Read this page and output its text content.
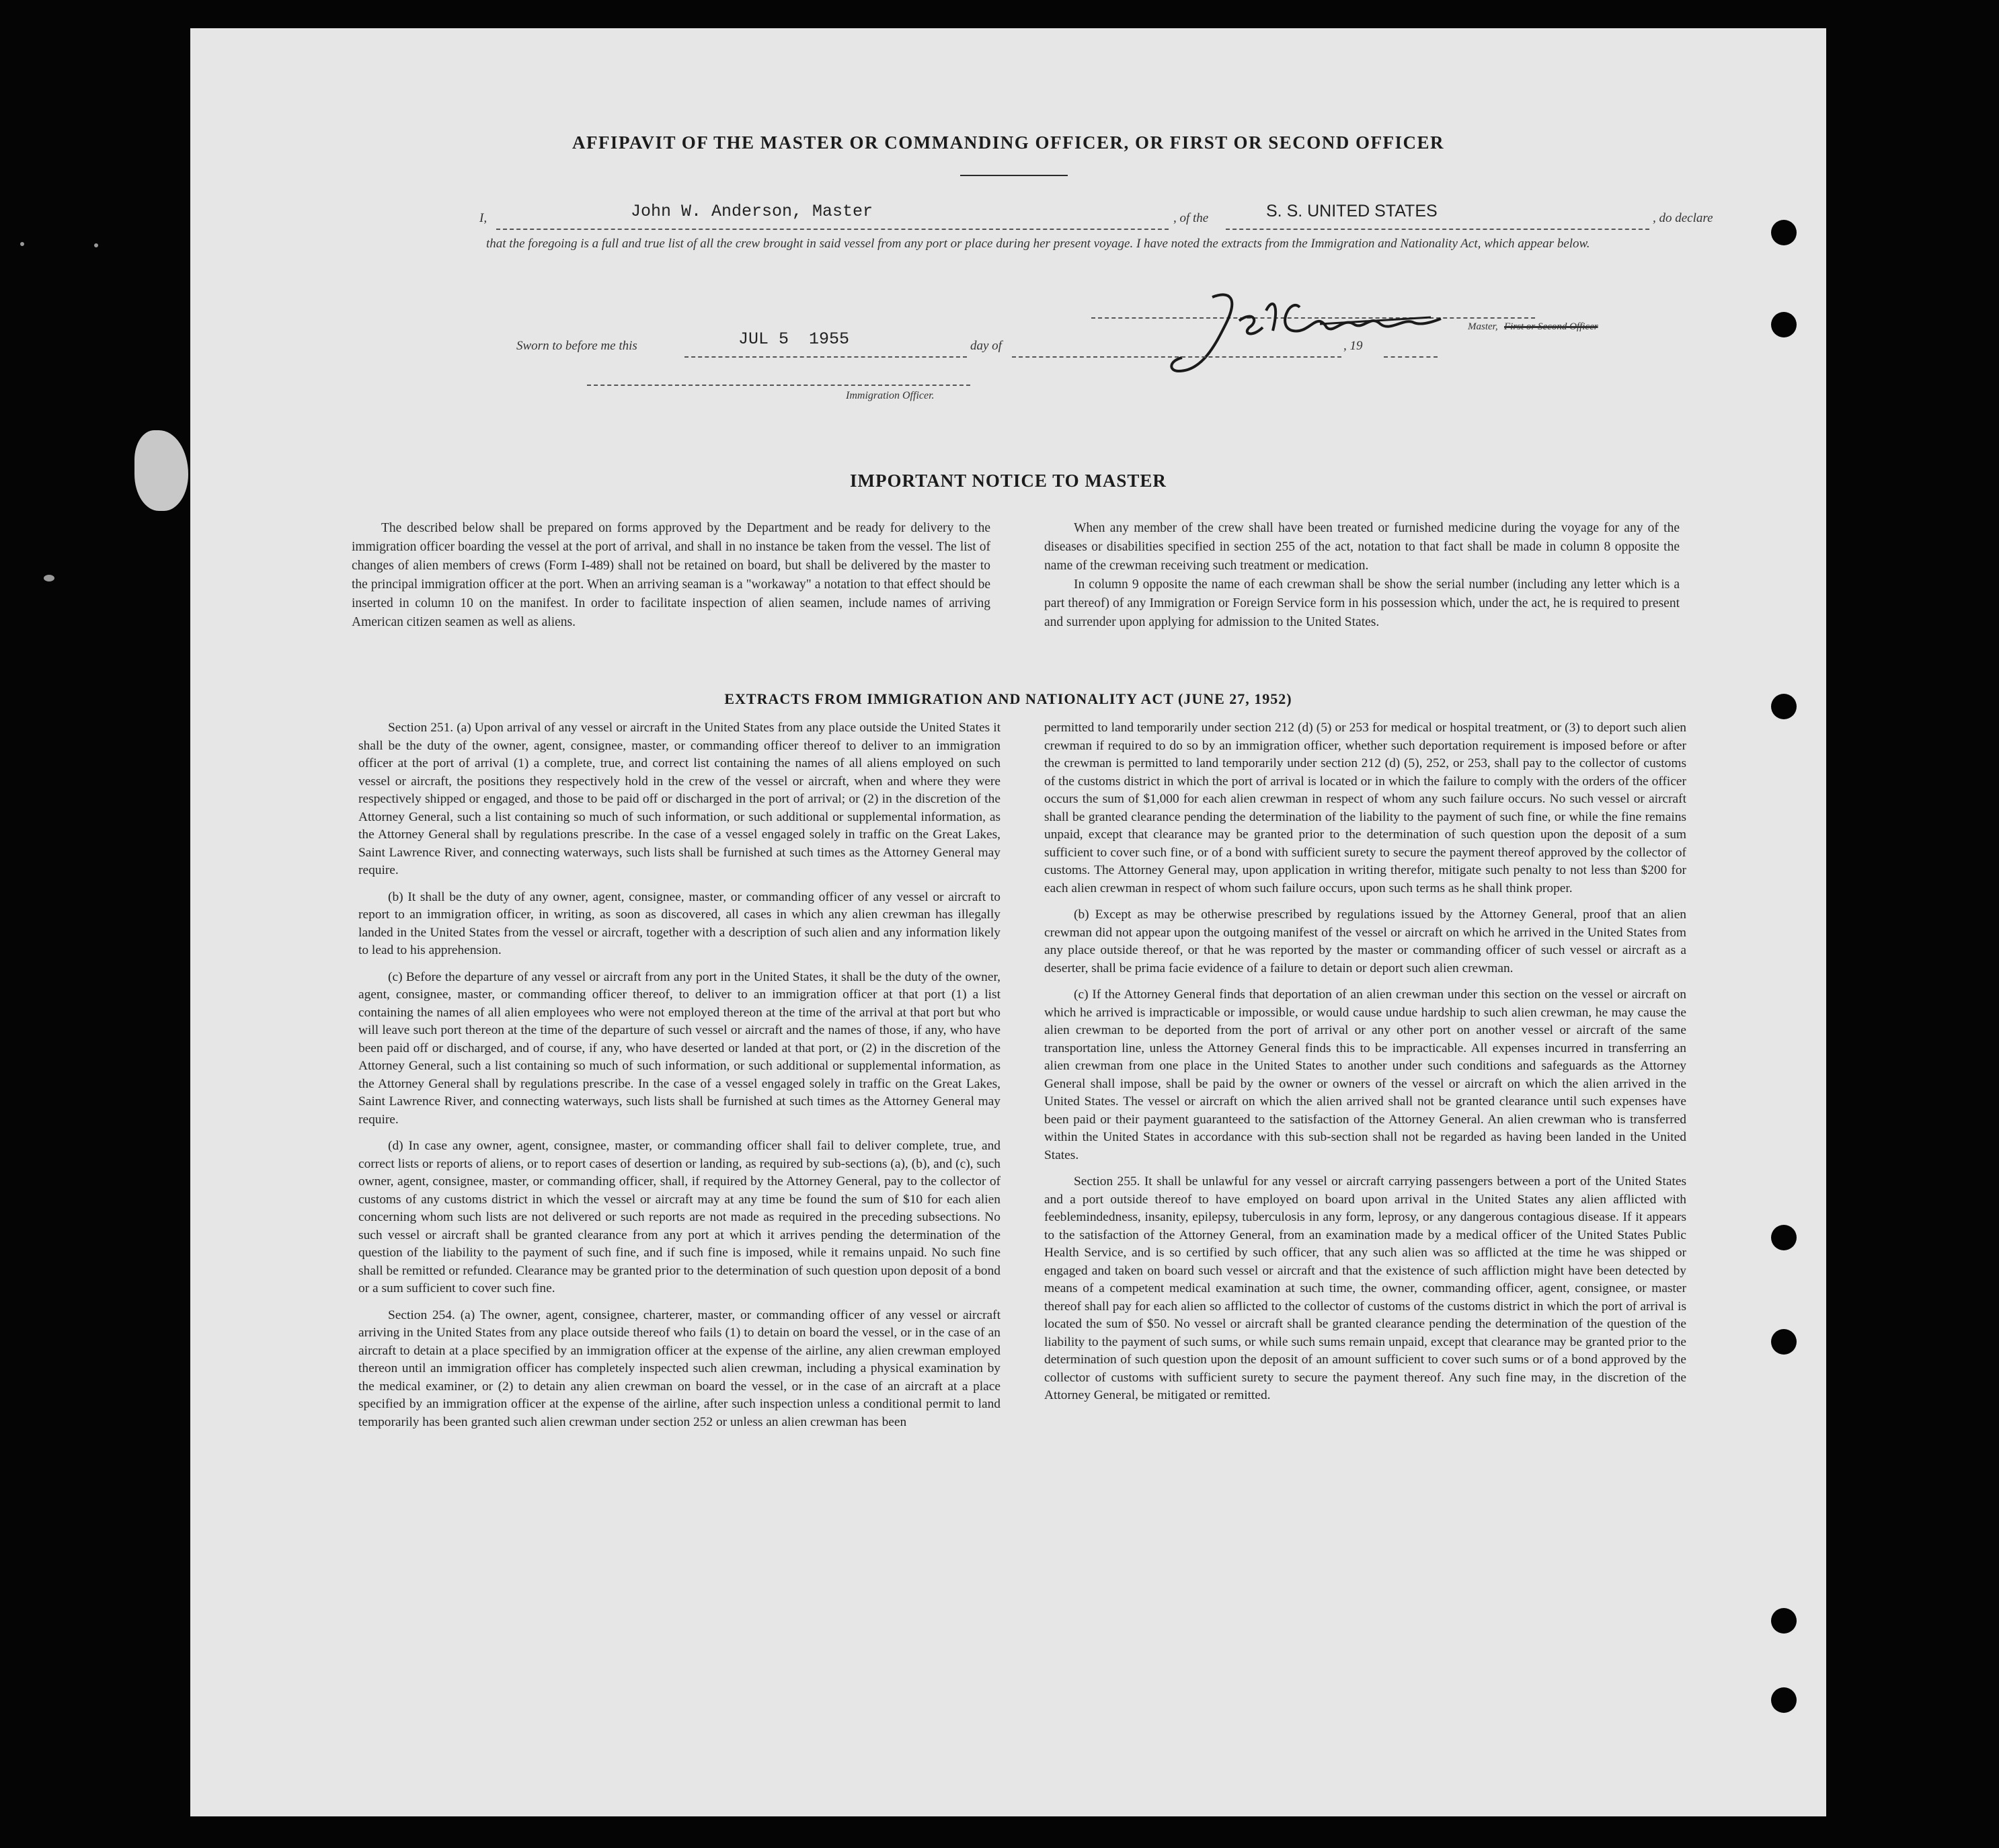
AFFIPAVIT OF THE MASTER OR COMMANDING OFFICER, OR FIRST OR SECOND OFFICER
I,	John W. Anderson, Master	, of the	S. S. UNITED STATES	, do declare
that the foregoing is a full and true list of all the crew brought in said vessel from any port or place during her present voyage. I have noted the extracts from the Immigration and Nationality Act, which appear below.
Master, First or Second Officer
Sworn to before me this	JUL 5  1955	day of	, 19
Immigration Officer.
IMPORTANT NOTICE TO MASTER

The described below shall be prepared on forms approved by the Department and be ready for delivery to the immigration officer boarding the vessel at the port of arrival, and shall in no instance be taken from the vessel. The list of changes of alien members of crews (Form I-489) shall not be retained on board, but shall be delivered by the master to the principal immigration officer at the port. When an arriving seaman is a "workaway" a notation to that effect should be inserted in column 10 on the manifest. In order to facilitate inspection of alien seamen, include names of arriving American citizen seamen as well as aliens.

When any member of the crew shall have been treated or furnished medicine during the voyage for any of the diseases or disabilities specified in section 255 of the act, notation to that fact shall be made in column 8 opposite the name of the crewman receiving such treatment or medication.

In column 9 opposite the name of each crewman shall be show the serial number (including any letter which is a part thereof) of any Immigration or Foreign Service form in his possession which, under the act, he is required to present and surrender upon applying for admission to the United States.

EXTRACTS FROM IMMIGRATION AND NATIONALITY ACT (JUNE 27, 1952)

Section 251. (a) Upon arrival of any vessel or aircraft in the United States from any place outside the United States it shall be the duty of the owner, agent, consignee, master, or commanding officer thereof to deliver to an immigration officer at the port of arrival (1) a complete, true, and correct list containing the names of all aliens employed on such vessel or aircraft, the positions they respectively hold in the crew of the vessel or aircraft, when and where they were respectively shipped or engaged, and those to be paid off or discharged in the port of arrival; or (2) in the discretion of the Attorney General, such a list containing so much of such information, or such additional or supplemental information, as the Attorney General shall by regulations prescribe. In the case of a vessel engaged solely in traffic on the Great Lakes, Saint Lawrence River, and connecting waterways, such lists shall be furnished at such times as the Attorney General may require.

(b) It shall be the duty of any owner, agent, consignee, master, or commanding officer of any vessel or aircraft to report to an immigration officer, in writing, as soon as discovered, all cases in which any alien crewman has illegally landed in the United States from the vessel or aircraft, together with a description of such alien and any information likely to lead to his apprehension.

(c) Before the departure of any vessel or aircraft from any port in the United States, it shall be the duty of the owner, agent, consignee, master, or commanding officer thereof, to deliver to an immigration officer at that port (1) a list containing the names of all alien employees who were not employed thereon at the time of the arrival at that port but who will leave such port thereon at the time of the departure of such vessel or aircraft and the names of those, if any, who have been paid off or discharged, and of course, if any, who have deserted or landed at that port, or (2) in the discretion of the Attorney General, such a list containing so much of such information, or such additional or supplemental information, as the Attorney General shall by regulations prescribe. In the case of a vessel engaged solely in traffic on the Great Lakes, Saint Lawrence River, and connecting waterways, such lists shall be furnished at such times as the Attorney General may require.

(d) In case any owner, agent, consignee, master, or commanding officer shall fail to deliver complete, true, and correct lists or reports of aliens, or to report cases of desertion or landing, as required by sub-sections (a), (b), and (c), such owner, agent, consignee, master, or commanding officer, shall, if required by the Attorney General, pay to the collector of customs of any customs district in which the vessel or aircraft may at any time be found the sum of $10 for each alien concerning whom such lists are not delivered or such reports are not made as required in the preceding subsections. No such vessel or aircraft shall be granted clearance from any port at which it arrives pending the determination of the question of the liability to the payment of such fine, and if such fine is imposed, while it remains unpaid. No such fine shall be remitted or refunded. Clearance may be granted prior to the determination of such question upon deposit of a bond or a sum sufficient to cover such fine.

Section 254. (a) The owner, agent, consignee, charterer, master, or commanding officer of any vessel or aircraft arriving in the United States from any place outside thereof who fails (1) to detain on board the vessel, or in the case of an aircraft to detain at a place specified by an immigration officer at the expense of the airline, any alien crewman employed thereon until an immigration officer has completely inspected such alien crewman, including a physical examination by the medical examiner, or (2) to detain any alien crewman on board the vessel, or in the case of an aircraft at a place specified by an immigration officer at the expense of the airline, after such inspection unless a conditional permit to land temporarily has been granted such alien crewman under section 252 or unless an alien crewman has been

permitted to land temporarily under section 212 (d) (5) or 253 for medical or hospital treatment, or (3) to deport such alien crewman if required to do so by an immigration officer, whether such deportation requirement is imposed before or after the crewman is permitted to land temporarily under section 212 (d) (5), 252, or 253, shall pay to the collector of customs of the customs district in which the port of arrival is located or in which the failure to comply with the orders of the officer occurs the sum of $1,000 for each alien crewman in respect of whom any such failure occurs. No such vessel or aircraft shall be granted clearance pending the determination of the liability to the payment of such fine, or while the fine remains unpaid, except that clearance may be granted prior to the determination of such question upon the deposit of a sum sufficient to cover such fine, or of a bond with sufficient surety to secure the payment thereof approved by the collector of customs. The Attorney General may, upon application in writing therefor, mitigate such penalty to not less than $200 for each alien crewman in respect of whom such failure occurs, upon such terms as he shall think proper.

(b) Except as may be otherwise prescribed by regulations issued by the Attorney General, proof that an alien crewman did not appear upon the outgoing manifest of the vessel or aircraft on which he arrived in the United States from any place outside thereof, or that he was reported by the master or commanding officer of such vessel or aircraft as a deserter, shall be prima facie evidence of a failure to detain or deport such alien crewman.

(c) If the Attorney General finds that deportation of an alien crewman under this section on the vessel or aircraft on which he arrived is impracticable or impossible, or would cause undue hardship to such alien crewman, he may cause the alien crewman to be deported from the port of arrival or any other port on another vessel or aircraft of the same transportation line, unless the Attorney General finds this to be impracticable. All expenses incurred in transferring an alien crewman from one place in the United States to another under such conditions and safeguards as the Attorney General shall impose, shall be paid by the owner or owners of the vessel or aircraft on which the alien arrived in the United States. The vessel or aircraft on which the alien arrived shall not be granted clearance until such expenses have been paid or their payment guaranteed to the satisfaction of the Attorney General. An alien crewman who is transferred within the United States in accordance with this sub-section shall not be regarded as having been landed in the United States.

Section 255. It shall be unlawful for any vessel or aircraft carrying passengers between a port of the United States and a port outside thereof to have employed on board upon arrival in the United States any alien afflicted with feeblemindedness, insanity, epilepsy, tuberculosis in any form, leprosy, or any dangerous contagious disease. If it appears to the satisfaction of the Attorney General, from an examination made by a medical officer of the United States Public Health Service, and is so certified by such officer, that any such alien was so afflicted at the time he was shipped or engaged and taken on board such vessel or aircraft and that the existence of such affliction might have been detected by means of a competent medical examination at such time, the owner, commanding officer, agent, consignee, or master thereof shall pay for each alien so afflicted to the collector of customs of the customs district in which the port of arrival is located the sum of $50. No vessel or aircraft shall be granted clearance pending the determination of the question of the liability to the payment of such sums, or while such sums remain unpaid, except that clearance may be granted prior to the determination of such question upon the deposit of an amount sufficient to cover such sums or of a bond approved by the collector of customs with sufficient surety to secure the payment thereof. Any such fine may, in the discretion of the Attorney General, be mitigated or remitted.
